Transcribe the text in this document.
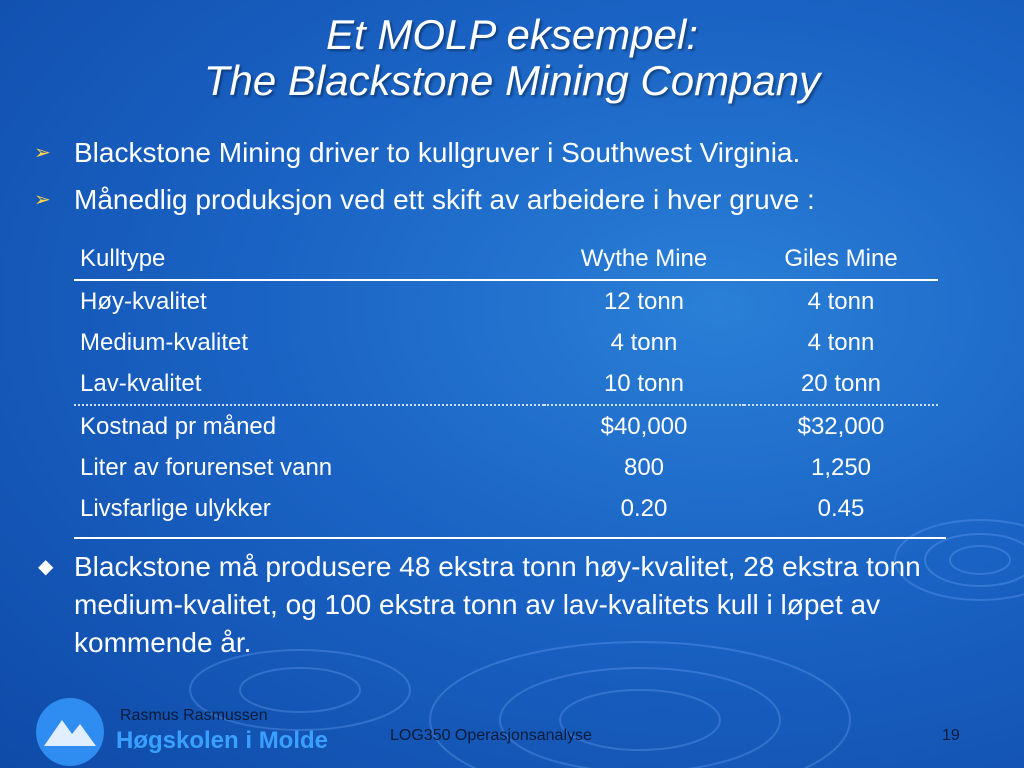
Et MOLP eksempel:
The Blackstone Mining Company
➢ Blackstone Mining driver to kullgruver i Southwest Virginia.
➢ Månedlig produksjon ved ett skift av arbeidere i hver gruve :
Kulltype	Wythe Mine	Giles Mine
Høy-kvalitet	12 tonn	4 tonn
Medium-kvalitet	4 tonn	4 tonn
Lav-kvalitet	10 tonn	20 tonn
Kostnad pr måned	$40,000	$32,000
Liter av forurenset vann	800	1,250
Livsfarlige ulykker	0.20	0.45
◆ Blackstone må produsere 48 ekstra tonn høy-kvalitet, 28 ekstra tonn medium-kvalitet, og 100 ekstra tonn av lav-kvalitets kull i løpet av kommende år.
Rasmus Rasmussen
Høgskolen i Molde	LOG350 Operasjonsanalyse	19
